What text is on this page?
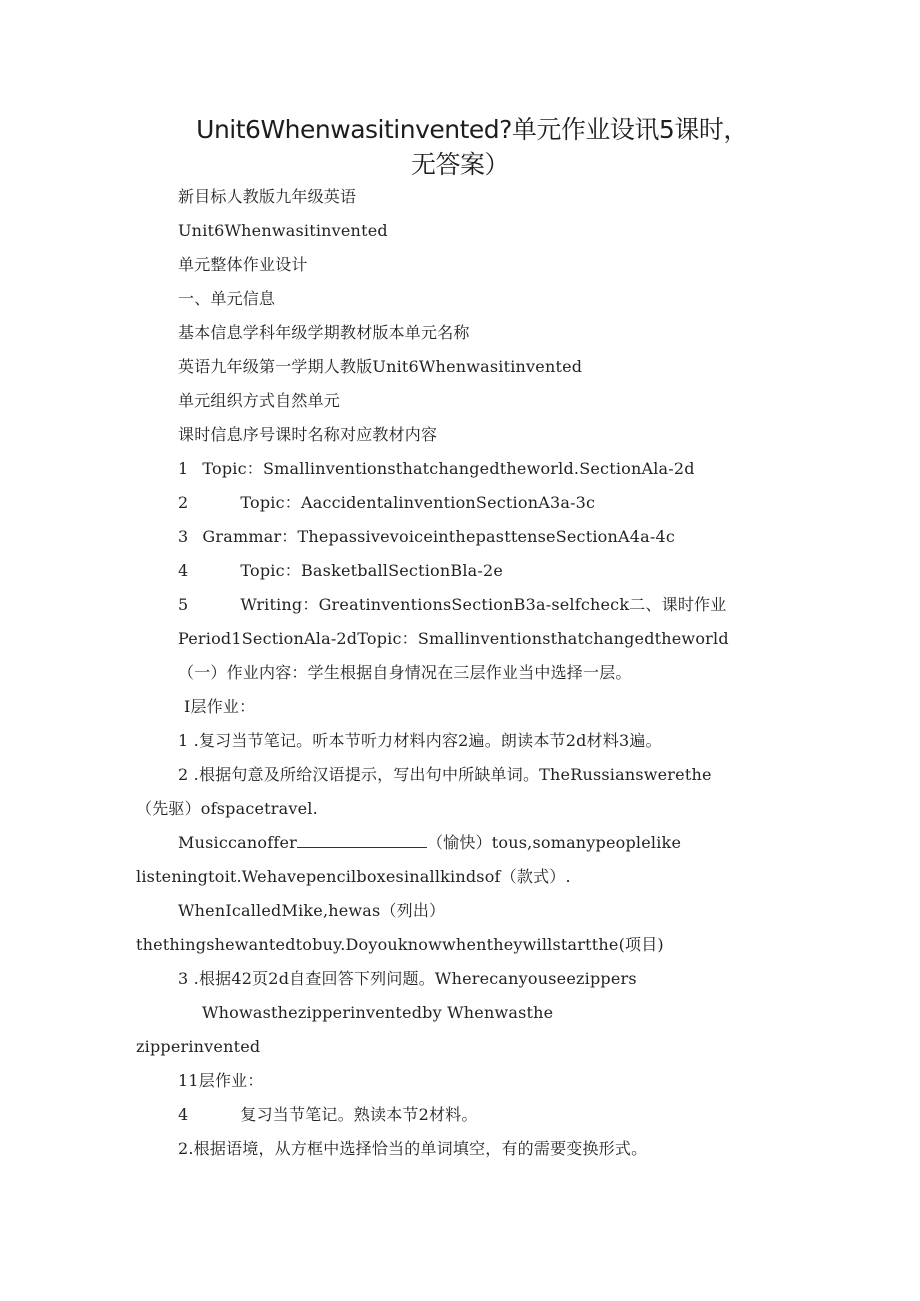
Unit6Whenwasitinvented?单元作业设讯5课时，
无答案）
新目标人教版九年级英语
Unit6Whenwasitinvented
单元整体作业设计
一、单元信息
基本信息学科年级学期教材版本单元名称
英语九年级第一学期人教版Unit6Whenwasitinvented
单元组织方式自然单元
课时信息序号课时名称对应教材内容
1 Topic：Smallinventionsthatchangedtheworld.SectionAla-2d
2	Topic：AaccidentalinventionSectionA3a-3c
3 Grammar：ThepassivevoiceinthepasttenseSectionA4a-4c
4	Topic：BasketballSectionBla-2e
5	Writing：GreatinventionsSectionB3a-selfcheck二、课时作业
Period1SectionAla-2dTopic：Smallinventionsthatchangedtheworld
（一）作业内容：学生根据自身情况在三层作业当中选择一层。
I层作业：
1 .复习当节笔记。听本节听力材料内容2遍。朗读本节2d材料3遍。
2 .根据句意及所给汉语提示，写出句中所缺单词。TheRussianswerethe
（先驱）ofspacetravel.
Musiccanoffer	（愉快）tous,somanypeoplelike
listeningtoit.Wehavepencilboxesinallkindsof（款式）.
WhenIcalledMike,hewas（列出）
thethingshewantedtobuy.Doyouknowwhentheywillstartthe(项目)
3 .根据42页2d自查回答下列问题。Wherecanyouseezippers
Whowasthezipperinventedby Whenwasthe
zipperinvented
11层作业：
4	复习当节笔记。熟读本节2材料。
2.根据语境，从方框中选择恰当的单词填空，有的需要变换形式。
